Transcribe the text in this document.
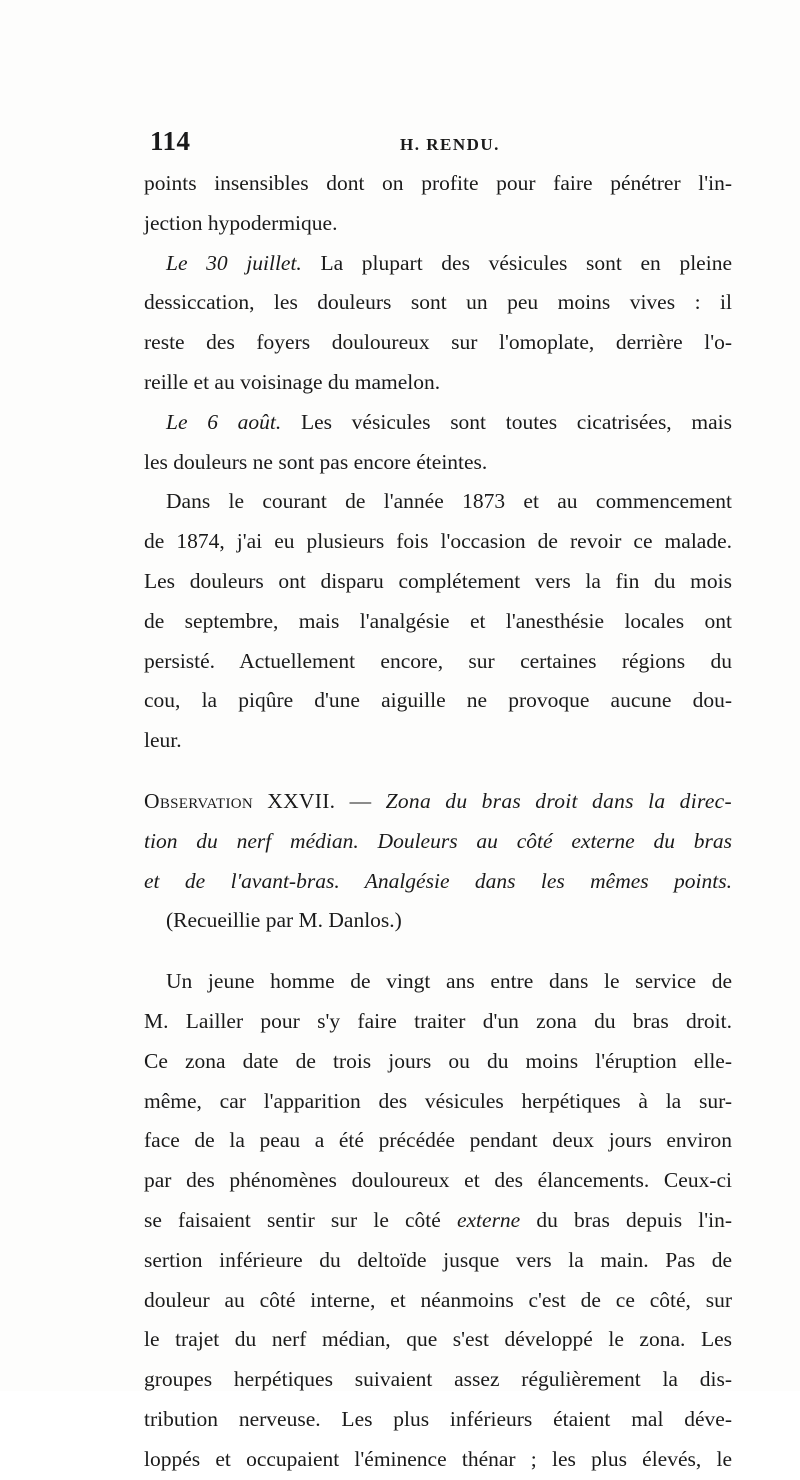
114	H. RENDU.
points insensibles dont on profite pour faire pénétrer l'in-
jection hypodermique.
Le 30 juillet. La plupart des vésicules sont en pleine
dessiccation, les douleurs sont un peu moins vives : il
reste des foyers douloureux sur l'omoplate, derrière l'o-
reille et au voisinage du mamelon.
Le 6 août. Les vésicules sont toutes cicatrisées, mais
les douleurs ne sont pas encore éteintes.
Dans le courant de l'année 1873 et au commencement
de 1874, j'ai eu plusieurs fois l'occasion de revoir ce malade.
Les douleurs ont disparu complétement vers la fin du mois
de septembre, mais l'analgésie et l'anesthésie locales ont
persisté. Actuellement encore, sur certaines régions du
cou, la piqûre d'une aiguille ne provoque aucune dou-
leur.
Observation XXVII. — Zona du bras droit dans la direc-
tion du nerf médian. Douleurs au côté externe du bras
et de l'avant-bras. Analgésie dans les mêmes points.
(Recueillie par M. Danlos.)
Un jeune homme de vingt ans entre dans le service de
M. Lailler pour s'y faire traiter d'un zona du bras droit.
Ce zona date de trois jours ou du moins l'éruption elle-
même, car l'apparition des vésicules herpétiques à la sur-
face de la peau a été précédée pendant deux jours environ
par des phénomènes douloureux et des élancements. Ceux-ci
se faisaient sentir sur le côté externe du bras depuis l'in-
sertion inférieure du deltoïde jusque vers la main. Pas de
douleur au côté interne, et néanmoins c'est de ce côté, sur
le trajet du nerf médian, que s'est développé le zona. Les
groupes herpétiques suivaient assez régulièrement la dis-
tribution nerveuse. Les plus inférieurs étaient mal déve-
loppés et occupaient l'éminence thénar ; les plus élevés, le
